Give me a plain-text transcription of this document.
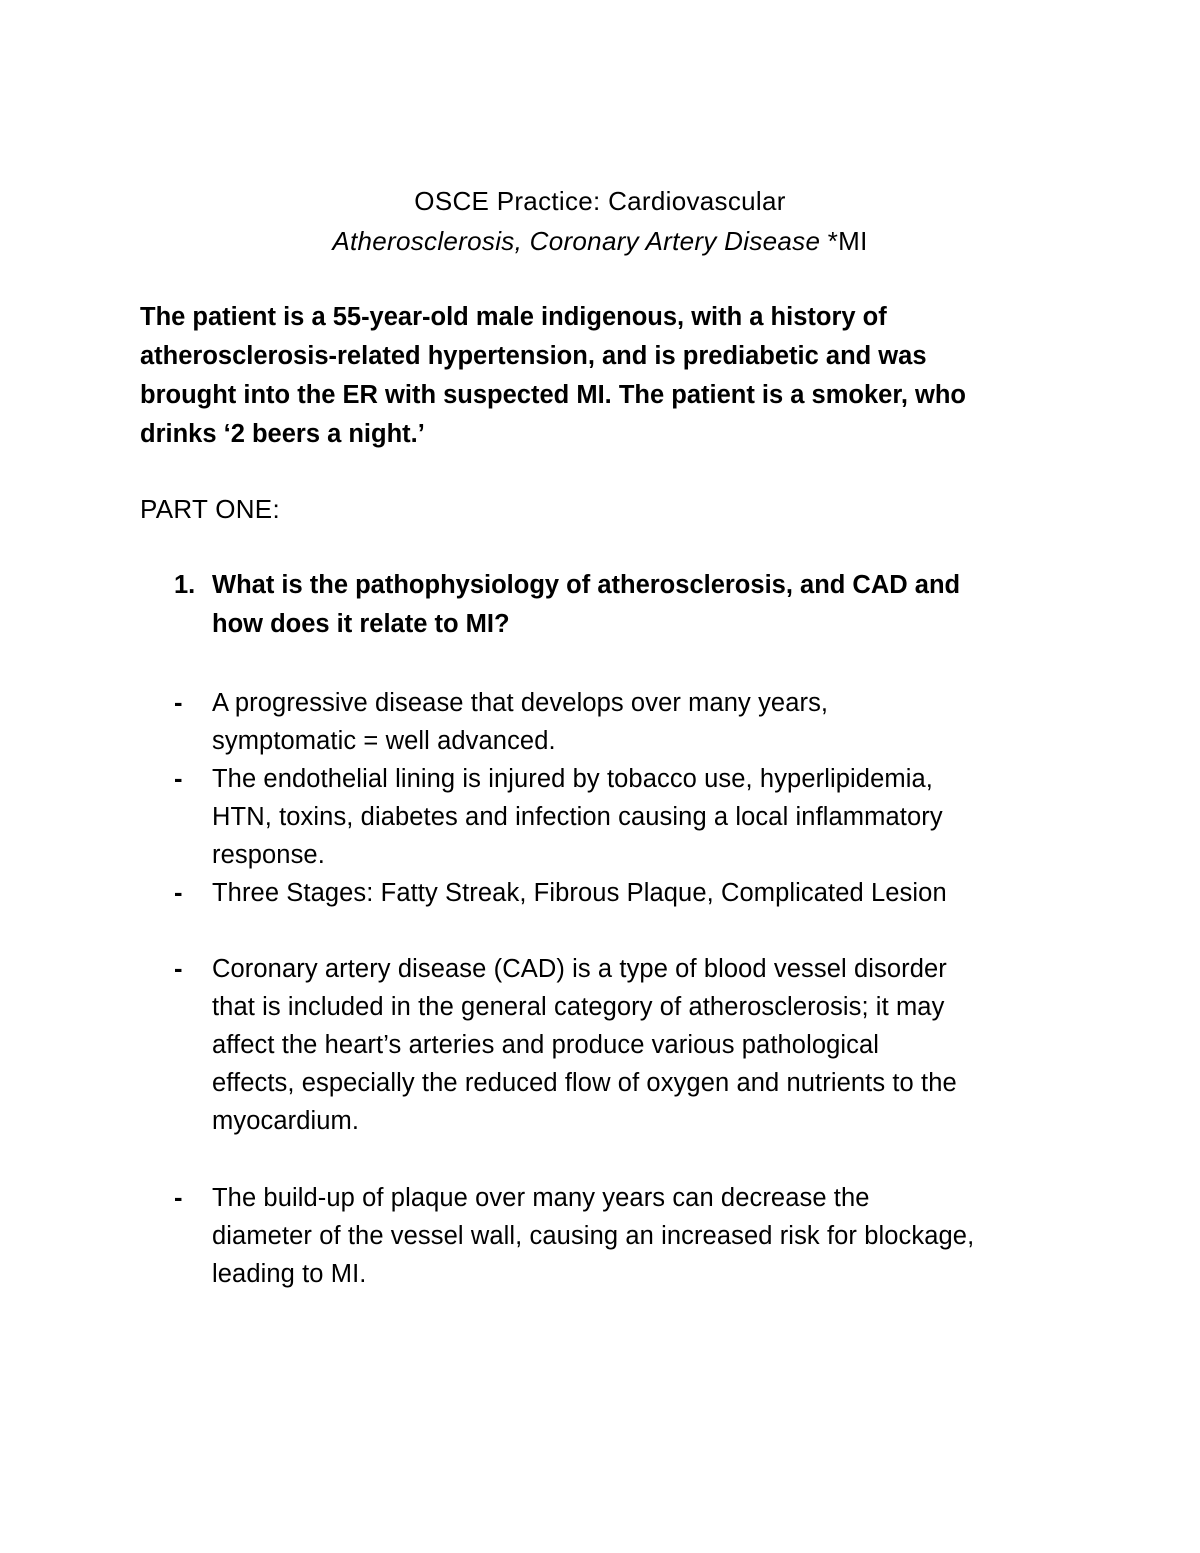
OSCE Practice: Cardiovascular
Atherosclerosis, Coronary Artery Disease *MI
The patient is a 55-year-old male indigenous, with a history of
atherosclerosis-related hypertension, and is prediabetic and was
brought into the ER with suspected MI. The patient is a smoker, who
drinks ‘2 beers a night.’
PART ONE:
1. What is the pathophysiology of atherosclerosis, and CAD and
how does it relate to MI?
- A progressive disease that develops over many years,
symptomatic = well advanced.
- The endothelial lining is injured by tobacco use, hyperlipidemia,
HTN, toxins, diabetes and infection causing a local inflammatory
response.
- Three Stages: Fatty Streak, Fibrous Plaque, Complicated Lesion
- Coronary artery disease (CAD) is a type of blood vessel disorder
that is included in the general category of atherosclerosis; it may
affect the heart’s arteries and produce various pathological
effects, especially the reduced flow of oxygen and nutrients to the
myocardium.
- The build-up of plaque over many years can decrease the
diameter of the vessel wall, causing an increased risk for blockage,
leading to MI.
